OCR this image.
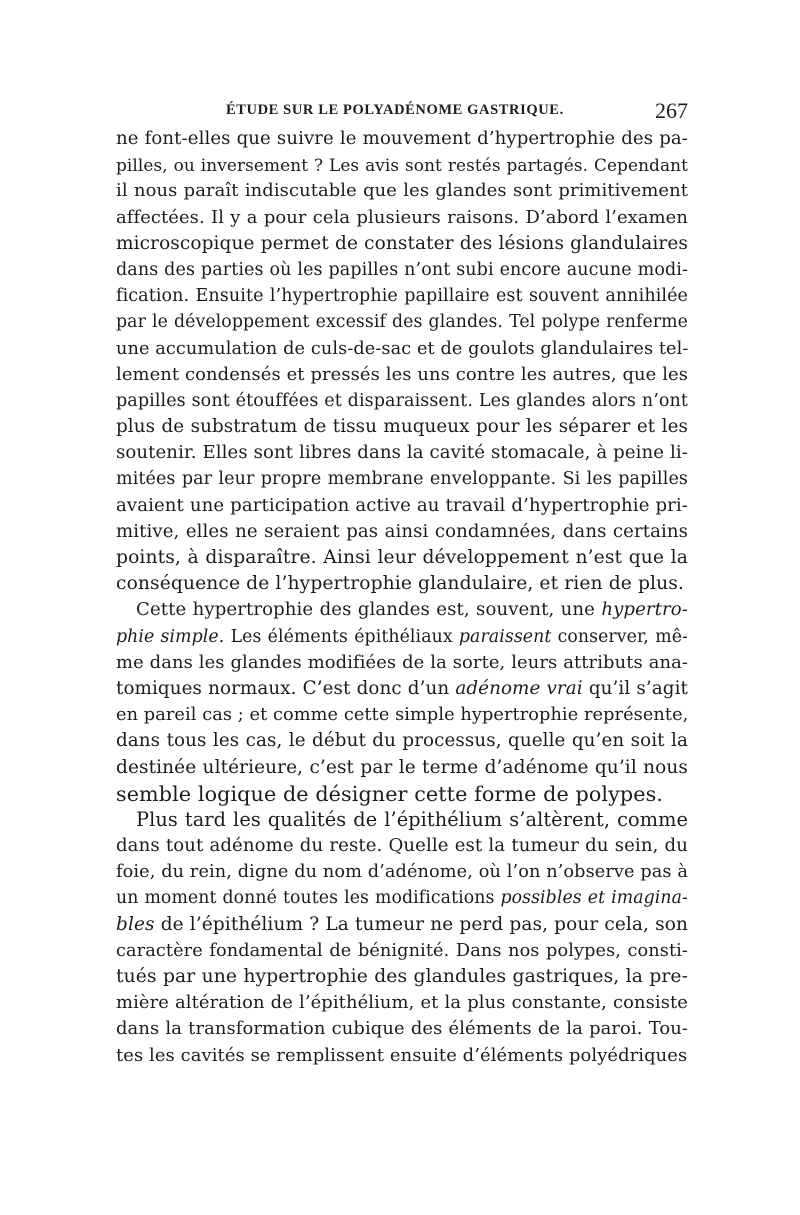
ÉTUDE SUR LE POLYADÉNOME GASTRIQUE.	267
ne font-elles que suivre le mouvement d’hypertrophie des pa-
pilles, ou inversement ? Les avis sont restés partagés. Cependant
il nous paraît indiscutable que les glandes sont primitivement
affectées. Il y a pour cela plusieurs raisons. D’abord l’examen
microscopique permet de constater des lésions glandulaires
dans des parties où les papilles n’ont subi encore aucune modi-
fication. Ensuite l’hypertrophie papillaire est souvent annihilée
par le développement excessif des glandes. Tel polype renferme
une accumulation de culs-de-sac et de goulots glandulaires tel-
lement condensés et pressés les uns contre les autres, que les
papilles sont étouffées et disparaissent. Les glandes alors n’ont
plus de substratum de tissu muqueux pour les séparer et les
soutenir. Elles sont libres dans la cavité stomacale, à peine li-
mitées par leur propre membrane enveloppante. Si les papilles
avaient une participation active au travail d’hypertrophie pri-
mitive, elles ne seraient pas ainsi condamnées, dans certains
points, à disparaître. Ainsi leur développement n’est que la
conséquence de l’hypertrophie glandulaire, et rien de plus.
Cette hypertrophie des glandes est, souvent, une hypertro-
phie simple. Les éléments épithéliaux paraissent conserver, mê-
me dans les glandes modifiées de la sorte, leurs attributs ana-
tomiques normaux. C’est donc d’un adénome vrai qu’il s’agit
en pareil cas ; et comme cette simple hypertrophie représente,
dans tous les cas, le début du processus, quelle qu’en soit la
destinée ultérieure, c’est par le terme d’adénome qu’il nous
semble logique de désigner cette forme de polypes.
Plus tard les qualités de l’épithélium s’altèrent, comme
dans tout adénome du reste. Quelle est la tumeur du sein, du
foie, du rein, digne du nom d’adénome, où l’on n’observe pas à
un moment donné toutes les modifications possibles et imagina-
bles de l’épithélium ? La tumeur ne perd pas, pour cela, son
caractère fondamental de bénignité. Dans nos polypes, consti-
tués par une hypertrophie des glandules gastriques, la pre-
mière altération de l’épithélium, et la plus constante, consiste
dans la transformation cubique des éléments de la paroi. Tou-
tes les cavités se remplissent ensuite d’éléments polyédriques
